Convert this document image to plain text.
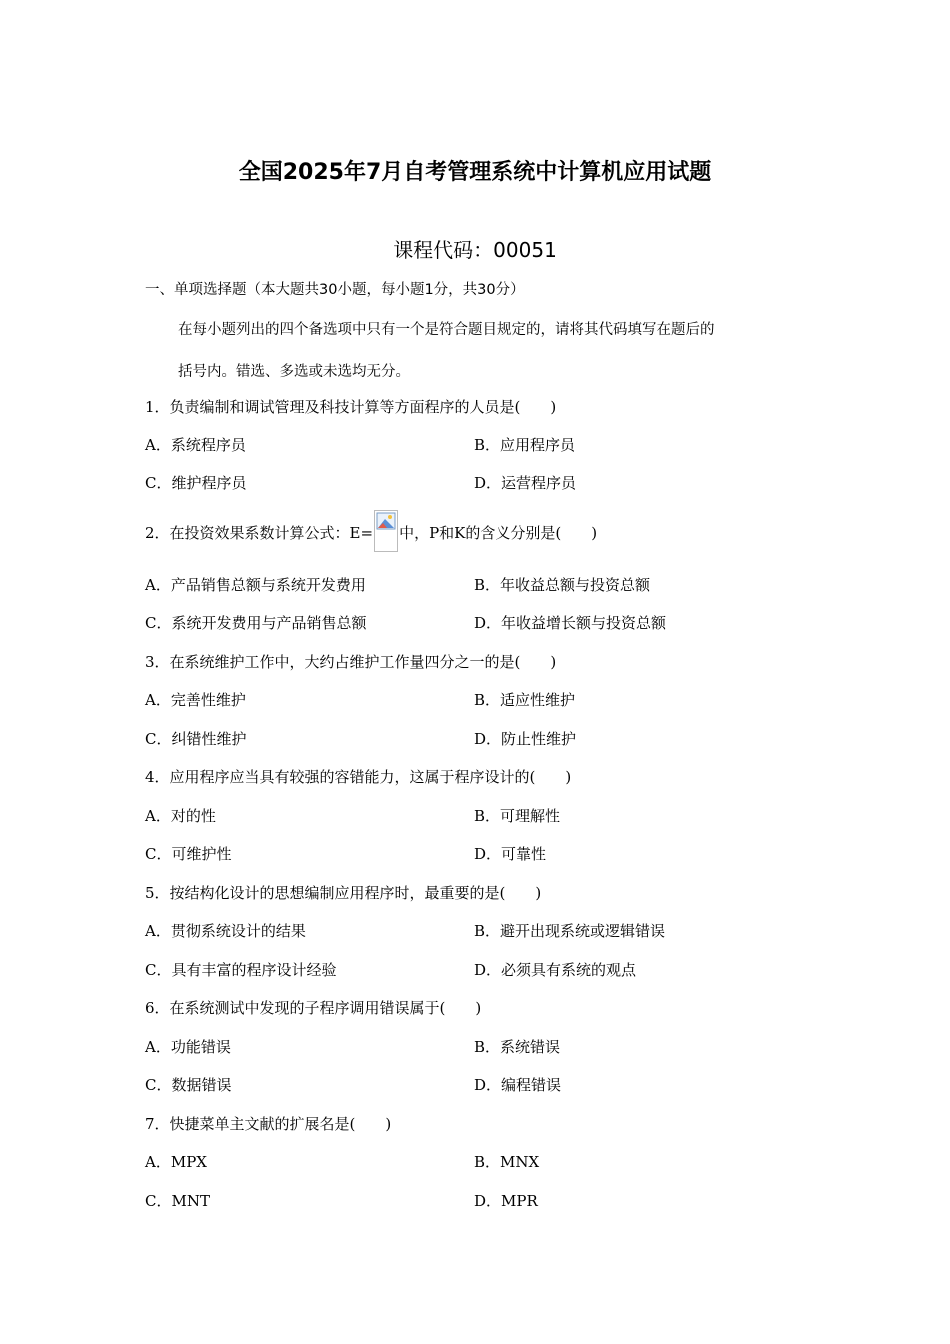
全国2025年7月自考管理系统中计算机应用试题
课程代码：00051
一、单项选择题（本大题共30小题，每小题1分，共30分）
在每小题列出的四个备选项中只有一个是符合题目规定的，请将其代码填写在题后的
括号内。错选、多选或未选均无分。
1．负责编制和调试管理及科技计算等方面程序的人员是(　　)
A．系统程序员	B．应用程序员
C．维护程序员	D．运营程序员
2．在投资效果系数计算公式：E= 中，P和K的含义分别是(　　)
A．产品销售总额与系统开发费用	B．年收益总额与投资总额
C．系统开发费用与产品销售总额	D．年收益增长额与投资总额
3．在系统维护工作中，大约占维护工作量四分之一的是(　　)
A．完善性维护	B．适应性维护
C．纠错性维护	D．防止性维护
4．应用程序应当具有较强的容错能力，这属于程序设计的(　　)
A．对的性	B．可理解性
C．可维护性	D．可靠性
5．按结构化设计的思想编制应用程序时，最重要的是(　　)
A．贯彻系统设计的结果	B．避开出现系统或逻辑错误
C．具有丰富的程序设计经验	D．必须具有系统的观点
6．在系统测试中发现的子程序调用错误属于(　　)
A．功能错误	B．系统错误
C．数据错误	D．编程错误
7．快捷菜单主文献的扩展名是(　　)
A．MPX	B．MNX
C．MNT	D．MPR
